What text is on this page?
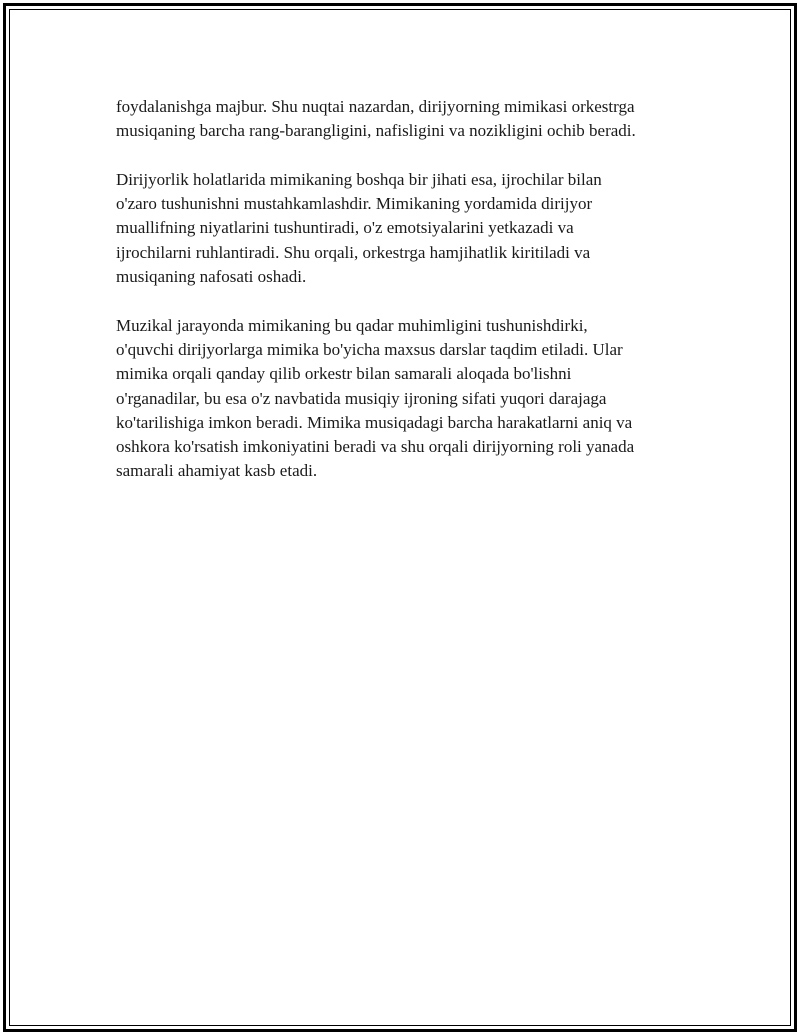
foydalanishga majbur. Shu nuqtai nazardan, dirijyorning mimikasi orkestrga
musiqaning barcha rang-barangligini, nafisligini va nozikligini ochib beradi.

Dirijyorlik holatlarida mimikaning boshqa bir jihati esa, ijrochilar bilan
o'zaro tushunishni mustahkamlashdir. Mimikaning yordamida dirijyor
muallifning niyatlarini tushuntiradi, o'z emotsiyalarini yetkazadi va
ijrochilarni ruhlantiradi. Shu orqali, orkestrga hamjihatlik kiritiladi va
musiqaning nafosati oshadi.

Muzikal jarayonda mimikaning bu qadar muhimligini tushunishdirki,
o'quvchi dirijyorlarga mimika bo'yicha maxsus darslar taqdim etiladi. Ular
mimika orqali qanday qilib orkestr bilan samarali aloqada bo'lishni
o'rganadilar, bu esa o'z navbatida musiqiy ijroning sifati yuqori darajaga
ko'tarilishiga imkon beradi. Mimika musiqadagi barcha harakatlarni aniq va
oshkora ko'rsatish imkoniyatini beradi va shu orqali dirijyorning roli yanada
samarali ahamiyat kasb etadi.
